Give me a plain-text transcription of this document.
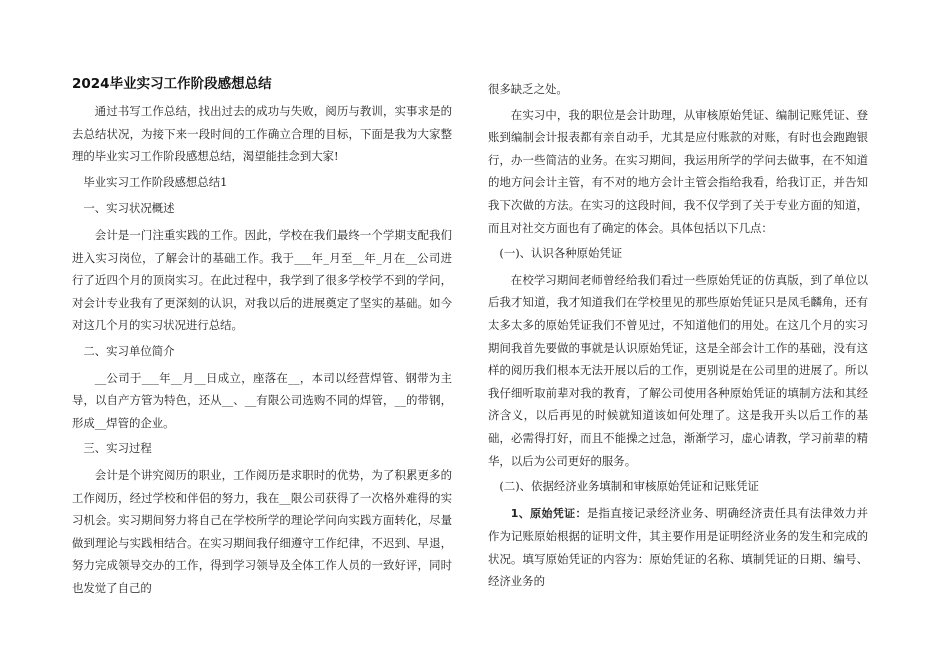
2024毕业实习工作阶段感想总结
通过书写工作总结，找出过去的成功与失败，阅历与教训，实事求是的去总结状况，为接下来一段时间的工作确立合理的目标，下面是我为大家整理的毕业实习工作阶段感想总结，渴望能挂念到大家!
毕业实习工作阶段感想总结1
一、实习状况概述
会计是一门注重实践的工作。因此，学校在我们最终一个学期支配我们进入实习岗位，了解会计的基础工作。我于___年_月至__年_月在__公司进行了近四个月的顶岗实习。在此过程中，我学到了很多学校学不到的学问，对会计专业我有了更深刻的认识，对我以后的进展奠定了坚实的基础。如今对这几个月的实习状况进行总结。
二、实习单位简介
__公司于___年__月__日成立，座落在__，本司以经营焊管、钢带为主导，以自产方管为特色，还从__、__有限公司选购不同的焊管，__的带钢，形成__焊管的企业。
三、实习过程
会计是个讲究阅历的职业，工作阅历是求职时的优势，为了积累更多的工作阅历，经过学校和伴侣的努力，我在__限公司获得了一次格外难得的实习机会。实习期间努力将自己在学校所学的理论学问向实践方面转化，尽量做到理论与实践相结合。在实习期间我仔细遵守工作纪律，不迟到、早退，努力完成领导交办的工作，得到学习领导及全体工作人员的一致好评，同时也发觉了自己的
很多缺乏之处。
在实习中，我的职位是会计助理，从审核原始凭证、编制记账凭证、登账到编制会计报表都有亲自动手，尤其是应付账款的对账，有时也会跑跑银行，办一些简洁的业务。在实习期间，我运用所学的学问去做事，在不知道的地方问会计主管，有不对的地方会计主管会指给我看，给我订正，并告知我下次做的方法。在实习的这段时间，我不仅学到了关于专业方面的知道，而且对社交方面也有了确定的体会。具体包括以下几点：
(一)、认识各种原始凭证
在校学习期间老师曾经给我们看过一些原始凭证的仿真版，到了单位以后我才知道，我才知道我们在学校里见的那些原始凭证只是凤毛麟角，还有太多太多的原始凭证我们不曾见过，不知道他们的用处。在这几个月的实习期间我首先要做的事就是认识原始凭证，这是全部会计工作的基础，没有这样的阅历我们根本无法开展以后的工作，更别说是在公司里的进展了。所以我仔细听取前辈对我的教育，了解公司使用各种原始凭证的填制方法和其经济含义，以后再见的时候就知道该如何处理了。这是我开头以后工作的基础，必需得打好，而且不能操之过急，渐渐学习，虚心请教，学习前辈的精华，以后为公司更好的服务。
(二)、依据经济业务填制和审核原始凭证和记账凭证
1、原始凭证：是指直接记录经济业务、明确经济责任具有法律效力并作为记账原始根据的证明文件，其主要作用是证明经济业务的发生和完成的状况。填写原始凭证的内容为：原始凭证的名称、填制凭证的日期、编号、经济业务的
